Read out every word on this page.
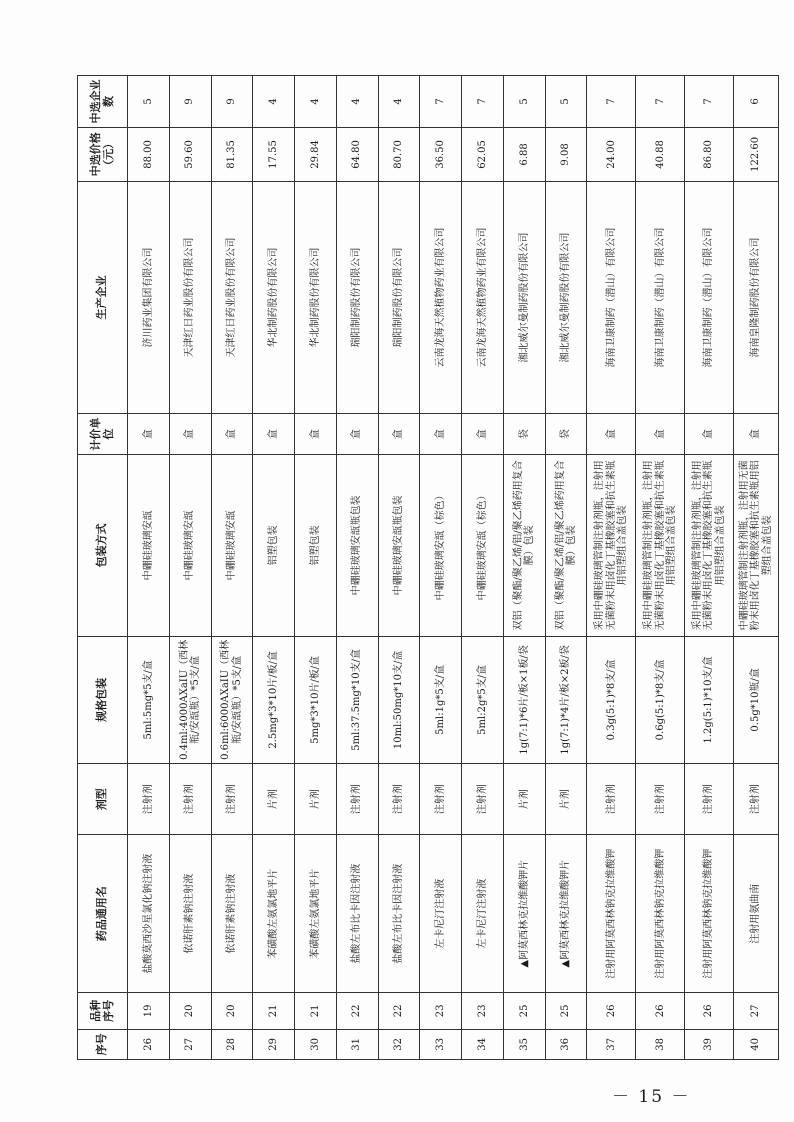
序号	品种序号	药品通用名	剂型	规格包装	包装方式	计价单位	生产企业	中选价格（元）	中选企业数
26	19	盐酸莫西沙星氯化钠注射液	注射剂	5ml:5mg*5支/盒	中硼硅玻璃安瓿	盒	济川药业集团有限公司	88.00	5
27	20	依诺肝素钠注射液	注射剂	0.4ml:4000AXaIU（西林瓶/安瓿瓶）*5支/盒	中硼硅玻璃安瓿	盒	天津红日药业股份有限公司	59.60	9
28	20	依诺肝素钠注射液	注射剂	0.6ml:6000AXaIU（西林瓶/安瓿瓶）*5支/盒	中硼硅玻璃安瓿	盒	天津红日药业股份有限公司	81.35	9
29	21	苯磺酸左氨氯地平片	片剂	2.5mg*3*10片/板/盒	铝塑包装	盒	华北制药股份有限公司	17.55	4
30	21	苯磺酸左氨氯地平片	片剂	5mg*3*10片/板/盒	铝塑包装	盒	华北制药股份有限公司	29.84	4
31	22	盐酸左布比卡因注射液	注射剂	5ml:37.5mg*10支/盒	中硼硅玻璃安瓿瓶包装	盒	瑞阳制药股份有限公司	64.80	4
32	22	盐酸左布比卡因注射液	注射剂	10ml:50mg*10支/盒	中硼硅玻璃安瓿瓶包装	盒	瑞阳制药股份有限公司	80.70	4
33	23	左卡尼汀注射液	注射剂	5ml:1g*5支/盒	中硼硅玻璃安瓿（棕色）	盒	云南龙海天然植物药业有限公司	36.50	7
34	23	左卡尼汀注射液	注射剂	5ml:2g*5支/盒	中硼硅玻璃安瓿（棕色）	盒	云南龙海天然植物药业有限公司	62.05	7
35	25	▲阿莫西林克拉维酸钾片	片剂	1g(7:1)*6片/板×1板/袋	双铝（聚酯/聚乙烯/铝/聚乙烯药用复合膜）包装	袋	湘北威尔曼制药股份有限公司	6.88	5
36	25	▲阿莫西林克拉维酸钾片	片剂	1g(7:1)*4片/板×2板/袋	双铝（聚酯/聚乙烯/铝/聚乙烯药用复合膜）包装	袋	湘北威尔曼制药股份有限公司	9.08	5
37	26	注射用阿莫西林钠克拉维酸钾	注射剂	0.3g(5:1)*8支/盒	采用中硼硅玻璃管制注射剂瓶，注射用无菌粉末用卤化丁基橡胶塞和抗生素瓶用铝塑组合盖包装	盒	海南卫康制药（潜山）有限公司	24.00	7
38	26	注射用阿莫西林钠克拉维酸钾	注射剂	0.6g(5:1)*8支/盒	采用中硼硅玻璃管制注射剂瓶，注射用无菌粉末用卤化丁基橡胶塞和抗生素瓶用铝塑组合盖包装	盒	海南卫康制药（潜山）有限公司	40.88	7
39	26	注射用阿莫西林钠克拉维酸钾	注射剂	1.2g(5:1)*10支/盒	采用中硼硅玻璃管制注射剂瓶，注射用无菌粉末用卤化丁基橡胶塞和抗生素瓶用铝塑组合盖包装	盒	海南卫康制药（潜山）有限公司	86.80	7
40	27	注射用氨曲南	注射剂	0.5g*10瓶/盒	中硼硅玻璃管制注射剂瓶，注射用无菌粉末用卤化丁基橡胶塞和抗生素瓶用铝塑组合盖包装	盒	海南皇隆制药股份有限公司	122.60	6
－ 15 －
